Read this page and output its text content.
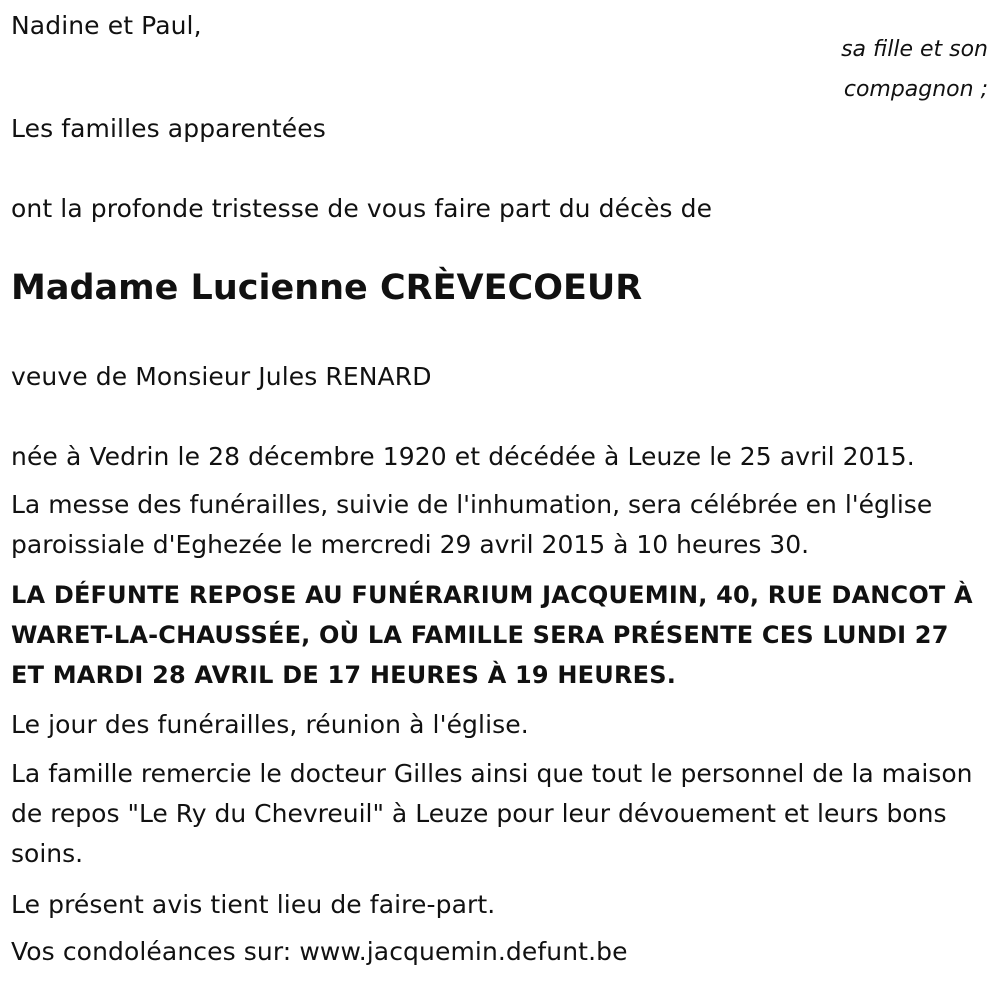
Nadine et Paul,
sa fille et son
compagnon ;
Les familles apparentées
ont la profonde tristesse de vous faire part du décès de
Madame Lucienne CRÈVECOEUR
veuve de Monsieur Jules RENARD
née à Vedrin le 28 décembre 1920 et décédée à Leuze le 25 avril 2015.
La messe des funérailles, suivie de l'inhumation, sera célébrée en l'église paroissiale d'Eghezée le mercredi 29 avril 2015 à 10 heures 30.
LA DÉFUNTE REPOSE AU FUNÉRARIUM JACQUEMIN, 40, RUE DANCOT À WARET-LA-CHAUSSÉE, OÙ LA FAMILLE SERA PRÉSENTE CES LUNDI 27 ET MARDI 28 AVRIL DE 17 HEURES À 19 HEURES.
Le jour des funérailles, réunion à l'église.
La famille remercie le docteur Gilles ainsi que tout le personnel de la maison de repos "Le Ry du Chevreuil" à Leuze pour leur dévouement et leurs bons soins.
Le présent avis tient lieu de faire-part.
Vos condoléances sur: www.jacquemin.defunt.be
